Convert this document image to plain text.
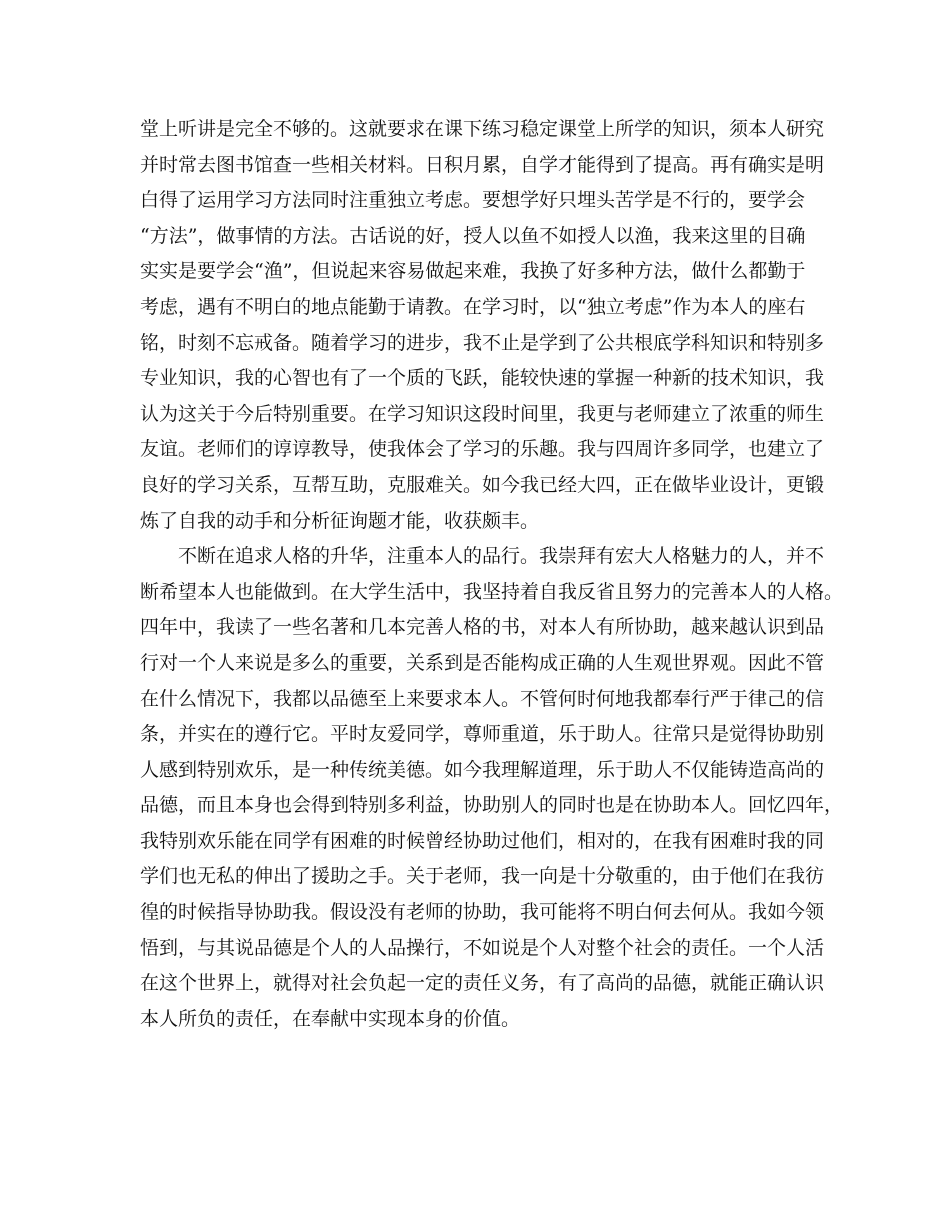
堂上听讲是完全不够的。这就要求在课下练习稳定课堂上所学的知识，须本人研究
并时常去图书馆查一些相关材料。日积月累，自学才能得到了提高。再有确实是明
白得了运用学习方法同时注重独立考虑。要想学好只埋头苦学是不行的，要学会
“方法”，做事情的方法。古话说的好，授人以鱼不如授人以渔，我来这里的目确
实实是要学会“渔”，但说起来容易做起来难，我换了好多种方法，做什么都勤于
考虑，遇有不明白的地点能勤于请教。在学习时，以“独立考虑”作为本人的座右
铭，时刻不忘戒备。随着学习的进步，我不止是学到了公共根底学科知识和特别多
专业知识，我的心智也有了一个质的飞跃，能较快速的掌握一种新的技术知识，我
认为这关于今后特别重要。在学习知识这段时间里，我更与老师建立了浓重的师生
友谊。老师们的谆谆教导，使我体会了学习的乐趣。我与四周许多同学，也建立了
良好的学习关系，互帮互助，克服难关。如今我已经大四，正在做毕业设计，更锻
炼了自我的动手和分析征询题才能，收获颇丰。
不断在追求人格的升华，注重本人的品行。我崇拜有宏大人格魅力的人，并不
断希望本人也能做到。在大学生活中，我坚持着自我反省且努力的完善本人的人格。
四年中，我读了一些名著和几本完善人格的书，对本人有所协助，越来越认识到品
行对一个人来说是多么的重要，关系到是否能构成正确的人生观世界观。因此不管
在什么情况下，我都以品德至上来要求本人。不管何时何地我都奉行严于律己的信
条，并实在的遵行它。平时友爱同学，尊师重道，乐于助人。往常只是觉得协助别
人感到特别欢乐，是一种传统美德。如今我理解道理，乐于助人不仅能铸造高尚的
品德，而且本身也会得到特别多利益，协助别人的同时也是在协助本人。回忆四年，
我特别欢乐能在同学有困难的时候曾经协助过他们，相对的，在我有困难时我的同
学们也无私的伸出了援助之手。关于老师，我一向是十分敬重的，由于他们在我彷
徨的时候指导协助我。假设没有老师的协助，我可能将不明白何去何从。我如今领
悟到，与其说品德是个人的人品操行，不如说是个人对整个社会的责任。一个人活
在这个世界上，就得对社会负起一定的责任义务，有了高尚的品德，就能正确认识
本人所负的责任，在奉献中实现本身的价值。
